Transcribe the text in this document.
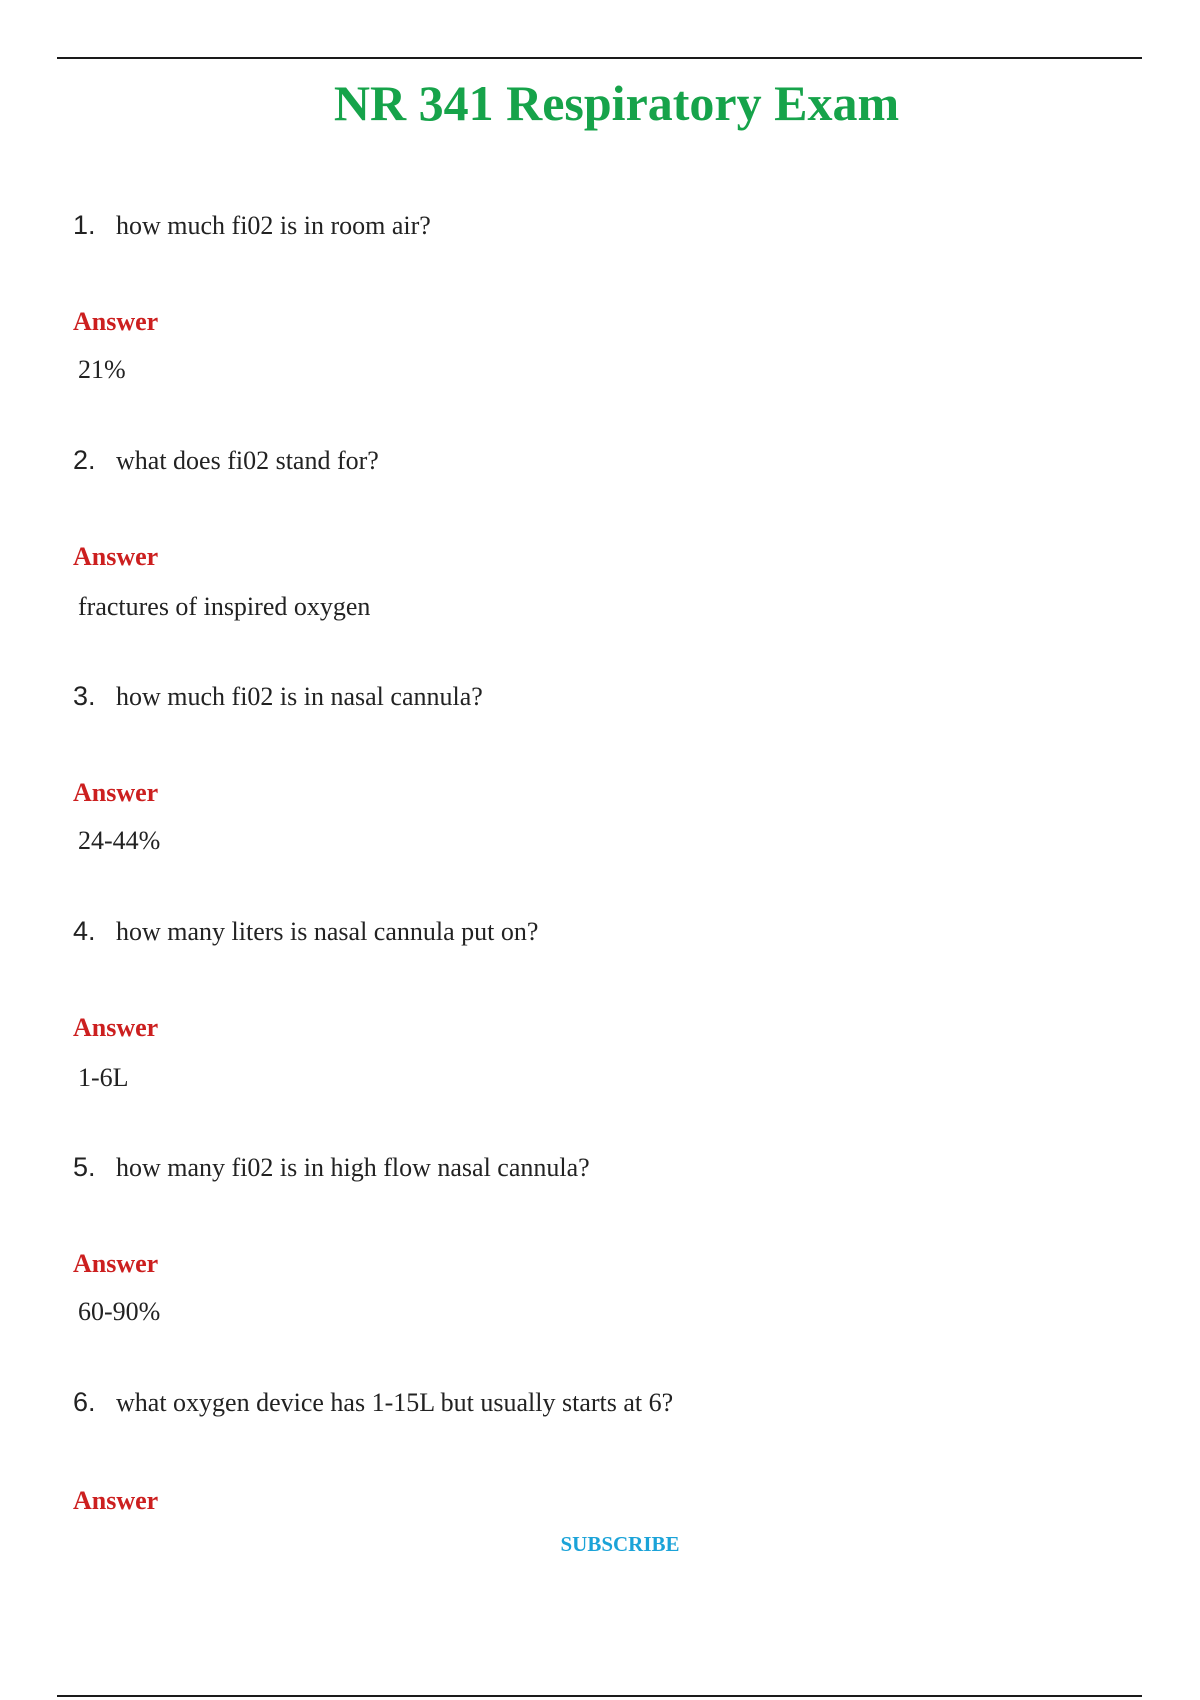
NR 341 Respiratory Exam
1. how much fi02 is in room air?
Answer
21%
2. what does fi02 stand for?
Answer
fractures of inspired oxygen
3. how much fi02 is in nasal cannula?
Answer
24-44%
4. how many liters is nasal cannula put on?
Answer
1-6L
5. how many fi02 is in high flow nasal cannula?
Answer
60-90%
6. what oxygen device has 1-15L but usually starts at 6?
Answer
SUBSCRIBE
